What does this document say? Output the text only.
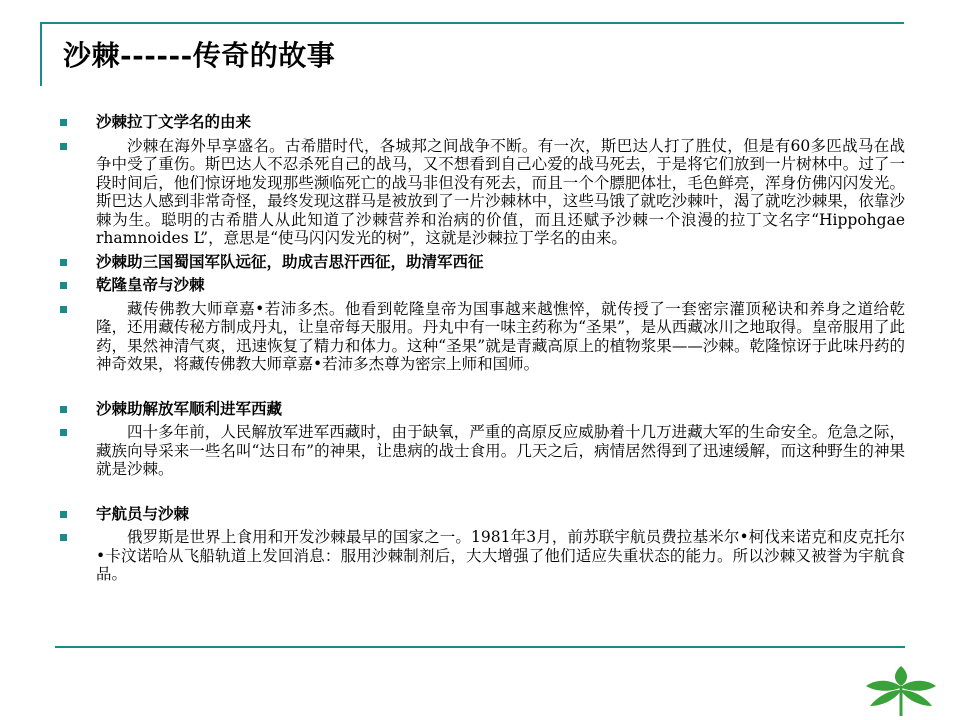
沙棘------传奇的故事
沙棘拉丁文学名的由来
沙棘在海外早享盛名。古希腊时代，各城邦之间战争不断。有一次，斯巴达人打了胜仗，但是有60多匹战马在战争中受了重伤。斯巴达人不忍杀死自己的战马，又不想看到自己心爱的战马死去，于是将它们放到一片树林中。过了一段时间后，他们惊讶地发现那些濒临死亡的战马非但没有死去，而且一个个膘肥体壮，毛色鲜亮，浑身仿佛闪闪发光。斯巴达人感到非常奇怪，最终发现这群马是被放到了一片沙棘林中，这些马饿了就吃沙棘叶，渴了就吃沙棘果，依靠沙棘为生。聪明的古希腊人从此知道了沙棘营养和治病的价值，而且还赋予沙棘一个浪漫的拉丁文名字“Hippohgae rhamnoides L”，意思是“使马闪闪发光的树”，这就是沙棘拉丁学名的由来。
沙棘助三国蜀国军队远征，助成吉思汗西征，助清军西征
乾隆皇帝与沙棘
藏传佛教大师章嘉•若沛多杰。他看到乾隆皇帝为国事越来越憔悴，就传授了一套密宗灌顶秘诀和养身之道给乾隆，还用藏传秘方制成丹丸，让皇帝每天服用。丹丸中有一味主药称为“圣果”，是从西藏冰川之地取得。皇帝服用了此药，果然神清气爽，迅速恢复了精力和体力。这种“圣果”就是青藏高原上的植物浆果——沙棘。乾隆惊讶于此味丹药的神奇效果，将藏传佛教大师章嘉•若沛多杰尊为密宗上师和国师。
沙棘助解放军顺利进军西藏
四十多年前，人民解放军进军西藏时，由于缺氧，严重的高原反应威胁着十几万进藏大军的生命安全。危急之际，藏族向导采来一些名叫“达日布”的神果，让患病的战士食用。几天之后，病情居然得到了迅速缓解，而这种野生的神果就是沙棘。
宇航员与沙棘
俄罗斯是世界上食用和开发沙棘最早的国家之一。1981年3月，前苏联宇航员费拉基米尔•柯伐来诺克和皮克托尔•卡汶诺哈从飞船轨道上发回消息：服用沙棘制剂后，大大增强了他们适应失重状态的能力。所以沙棘又被誉为宇航食品。
